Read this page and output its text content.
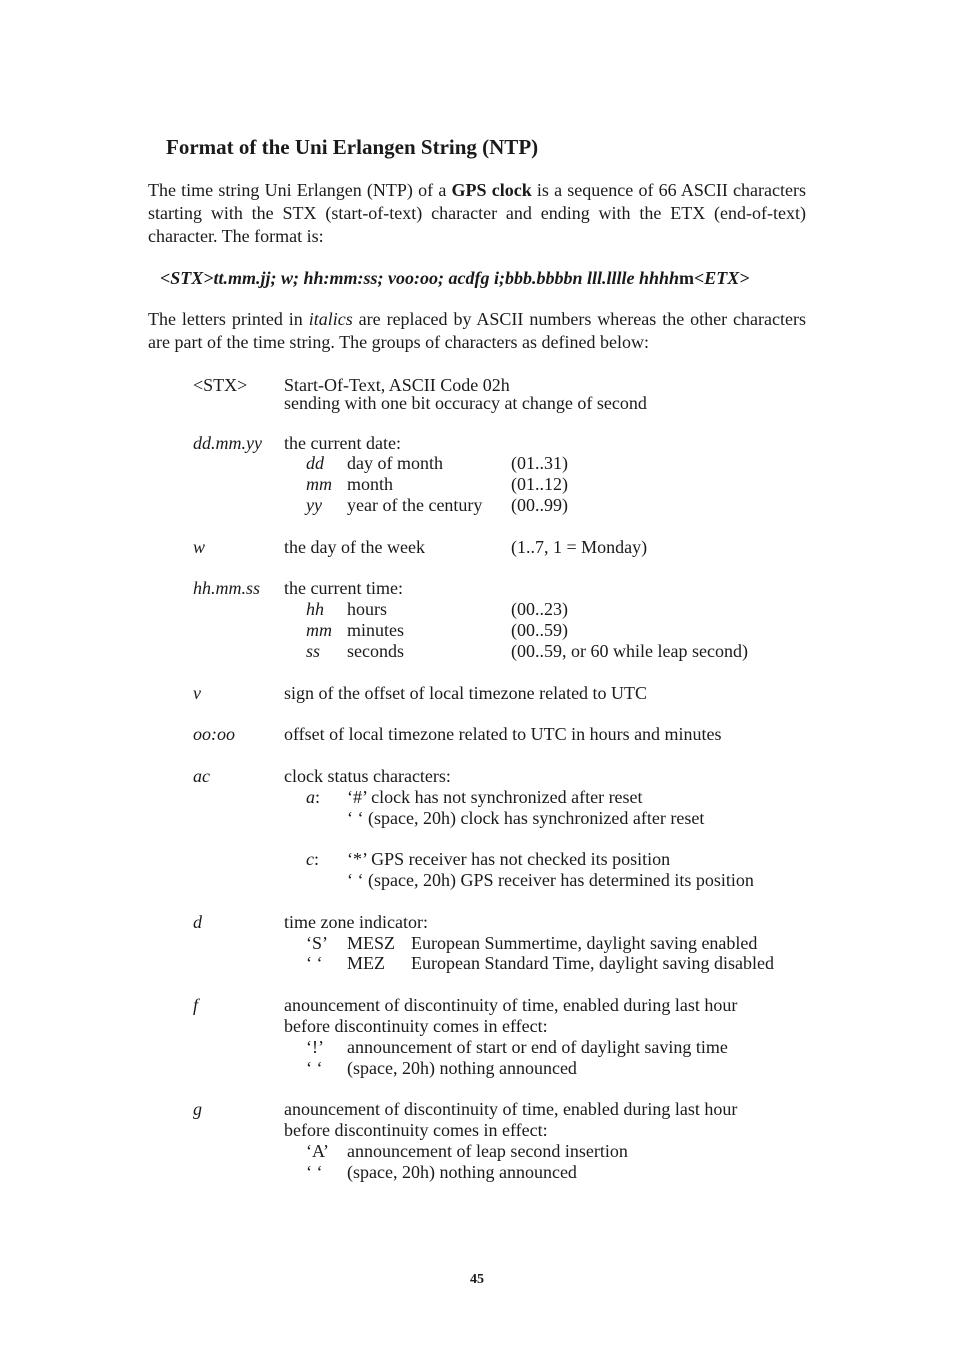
Format of the Uni Erlangen String (NTP)
The time string Uni Erlangen (NTP) of a GPS clock is a sequence of 66 ASCII characters starting with the STX (start-of-text) character and ending with the ETX (end-of-text) character. The format is:
<STX>tt.mm.jj; w; hh:mm:ss; voo:oo; acdfg i;bbb.bbbbn lll.lllle hhhhm<ETX>
The letters printed in italics are replaced by ASCII numbers whereas the other characters are part of the time string. The groups of characters as defined below:
<STX> Start-Of-Text, ASCII Code 02h
sending with one bit occuracy at change of second
dd.mm.yy the current date:
dd day of month	(01..31)
mm month	(01..12)
yy year of the century (00..99)
w	the day of the week	(1..7, 1 = Monday)
hh.mm.ss the current time:
hh hours	(00..23)
mm minutes	(00..59)
ss seconds	(00..59, or 60 while leap second)
v	sign of the offset of local timezone related to UTC
oo:oo	offset of local timezone related to UTC in hours and minutes
ac	clock status characters:
a: ‘#’ clock has not synchronized after reset
‘ ‘ (space, 20h) clock has synchronized after reset
c: ‘*’ GPS receiver has not checked its position
‘ ‘ (space, 20h) GPS receiver has determined its position
d	time zone indicator:
‘S’ MESZ European Summertime, daylight saving enabled
‘ ‘ MEZ European Standard Time, daylight saving disabled
f	anouncement of discontinuity of time, enabled during last hour
before discontinuity comes in effect:
‘!’ announcement of start or end of daylight saving time
‘ ‘ (space, 20h) nothing announced
g	anouncement of discontinuity of time, enabled during last hour
before discontinuity comes in effect:
‘A’ announcement of leap second insertion
‘ ‘ (space, 20h) nothing announced
45
